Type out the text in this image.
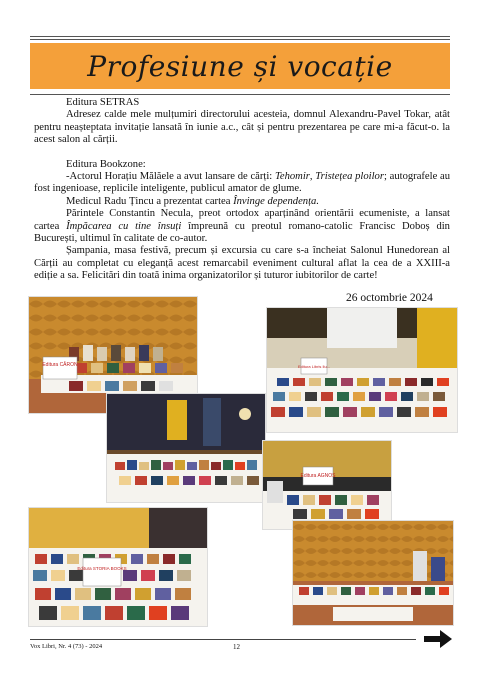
Profesiune și vocație

Editura SETRAS

Adresez calde mele mulțumiri directorului acesteia, domnul Alexandru-Pavel Tokar, atât pentru neașteptata invitație lansată în iunie a.c., cât și pentru prezentarea pe care mi-a făcut-o. la acest salon al cărții.

Editura Bookzone:

-Actorul Horațiu Mălăele a avut lansare de cărți: Tehomir, Tristețea ploilor; autografele au fost ingenioase, replicile inteligente, publicul amator de glume.

Medicul Radu Țincu a prezentat cartea Învinge dependența.

Părintele Constantin Necula, preot ortodox aparținând orientării ecumeniste, a lansat cartea Împăcarea cu tine însuți împreună cu preotul romano-catolic Francisc Doboș din București, ultimul în calitate de co-autor.

Șampania, masa festivă, precum și excursia cu care s-a încheiat Salonul Hunedorean al Cărții au completat cu eleganță acest remarcabil eveniment cultural aflat la cea de a XXIII-a ediție a sa. Felicitări din toată inima organizatorilor și tuturor iubitorilor de carte!

26 octombrie 2024
Editura CÂRON	Editura Libris Ilu...
Editura AGNOS
Editura STORIA BOOKS
Vox Libri, Nr. 4 (73) - 2024	12
